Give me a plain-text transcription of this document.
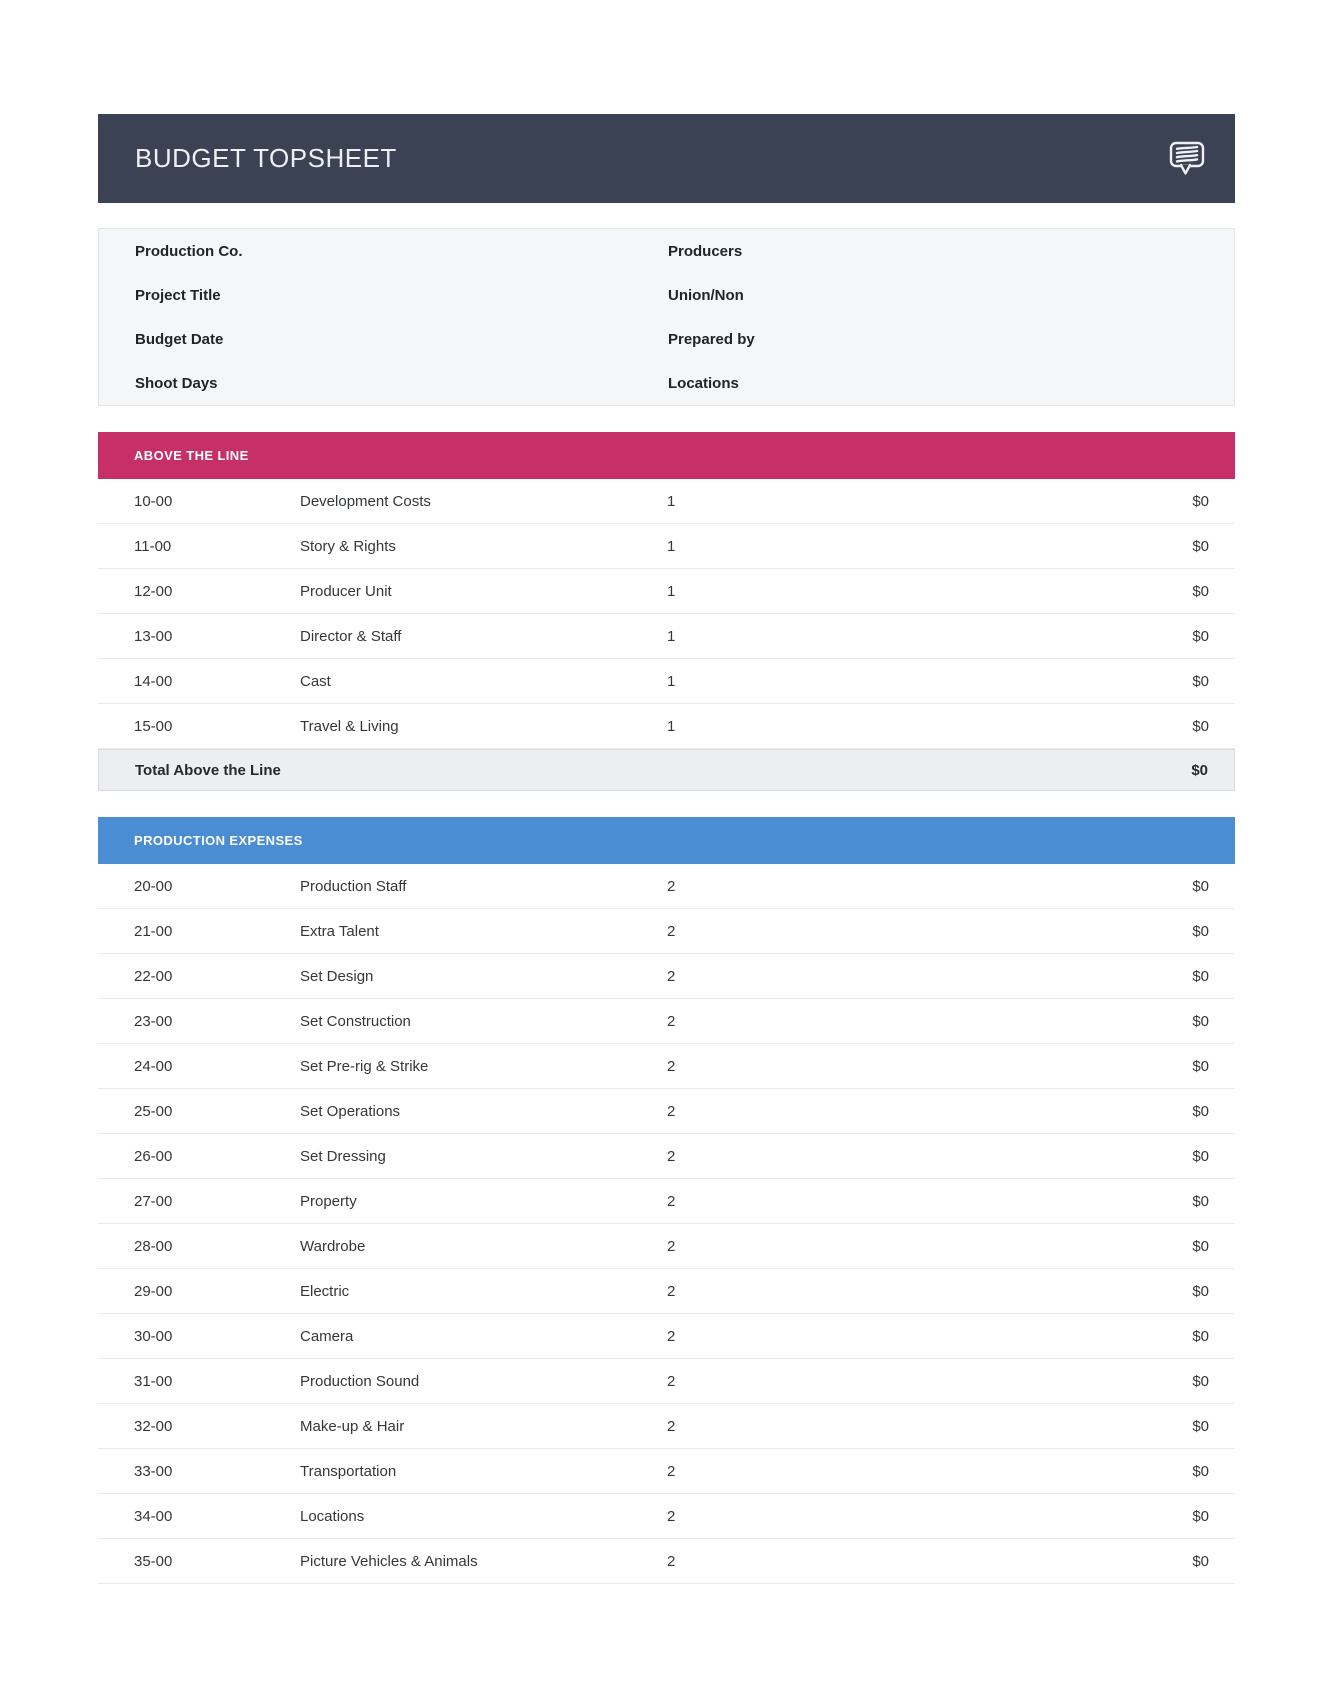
BUDGET TOPSHEET
Production Co.	Producers
Project Title	Union/Non
Budget Date	Prepared by
Shoot Days	Locations
ABOVE THE LINE
10-00	Development Costs	1	$0
11-00	Story & Rights	1	$0
12-00	Producer Unit	1	$0
13-00	Director & Staff	1	$0
14-00	Cast	1	$0
15-00	Travel & Living	1	$0
Total Above the Line	$0
PRODUCTION EXPENSES
20-00	Production Staff	2	$0
21-00	Extra Talent	2	$0
22-00	Set Design	2	$0
23-00	Set Construction	2	$0
24-00	Set Pre-rig & Strike	2	$0
25-00	Set Operations	2	$0
26-00	Set Dressing	2	$0
27-00	Property	2	$0
28-00	Wardrobe	2	$0
29-00	Electric	2	$0
30-00	Camera	2	$0
31-00	Production Sound	2	$0
32-00	Make-up & Hair	2	$0
33-00	Transportation	2	$0
34-00	Locations	2	$0
35-00	Picture Vehicles & Animals	2	$0
